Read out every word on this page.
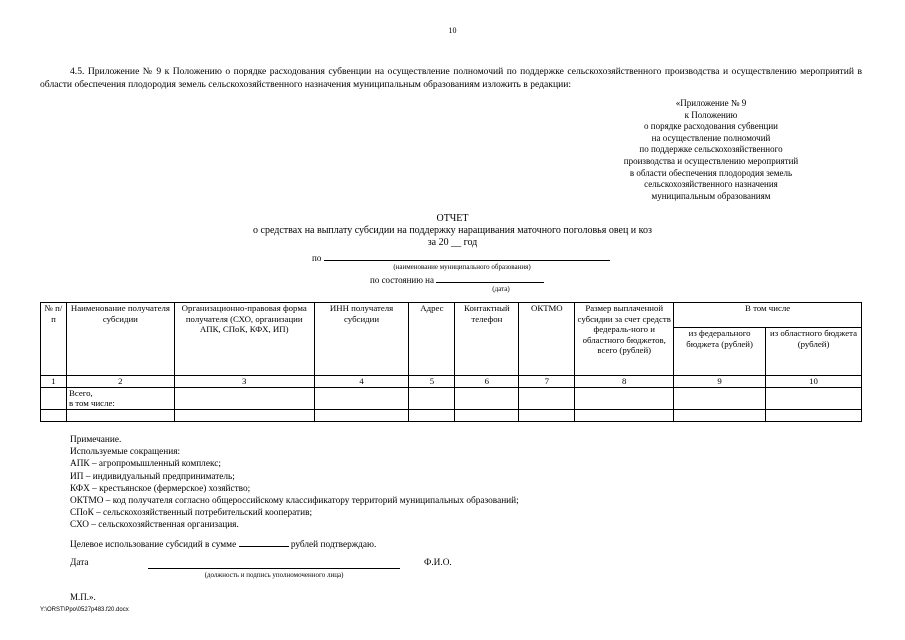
10
4.5. Приложение № 9 к Положению о порядке расходования субвенции на осуществление полномочий по поддержке сельскохозяйственного производства и осуществлению мероприятий в области обеспечения плодородия земель сельскохозяйственного назначения муниципальным образованиям изложить в редакции:
«Приложение № 9
к Положению
о порядке расходования субвенции
на осуществление полномочий
по поддержке сельскохозяйственного
производства и осуществлению мероприятий
в области обеспечения плодородия земель
сельскохозяйственного назначения
муниципальным образованиям
ОТЧЕТ
о средствах на выплату субсидии на поддержку наращивания маточного поголовья овец и коз
за 20 __ год
по
(наименование муниципального образования)
по состоянию на
(дата)
№ п/п	Наименование получателя субсидии	Организационно-правовая форма получателя (СХО, организации АПК, СПоК, КФХ, ИП)	ИНН получателя субсидии	Адрес	Контактный телефон	ОКТМО	Размер выплаченной субсидии за счет средств федераль-ного и областного бюджетов, всего (рублей)	В том числе	
								из федерального бюджета (рублей)	из областного бюджета (рублей)
1	2	3	4	5	6	7	8	9	10

	Всего,
в том числе:								

Примечание.
Используемые сокращения:
АПК – агропромышленный комплекс;
ИП – индивидуальный предприниматель;
КФХ – крестьянское (фермерское) хозяйство;
ОКТМО – код получателя согласно общероссийскому классификатору территорий муниципальных образований;
СПоК – сельскохозяйственный потребительский кооператив;
СХО – сельскохозяйственная организация.
Целевое использование субсидий в сумме	рублей подтверждаю.
Дата
(должность и подпись уполномоченного лица)
Ф.И.О.
М.П.».
Y:\ORST\Ppo\0527p483.f20.docx
